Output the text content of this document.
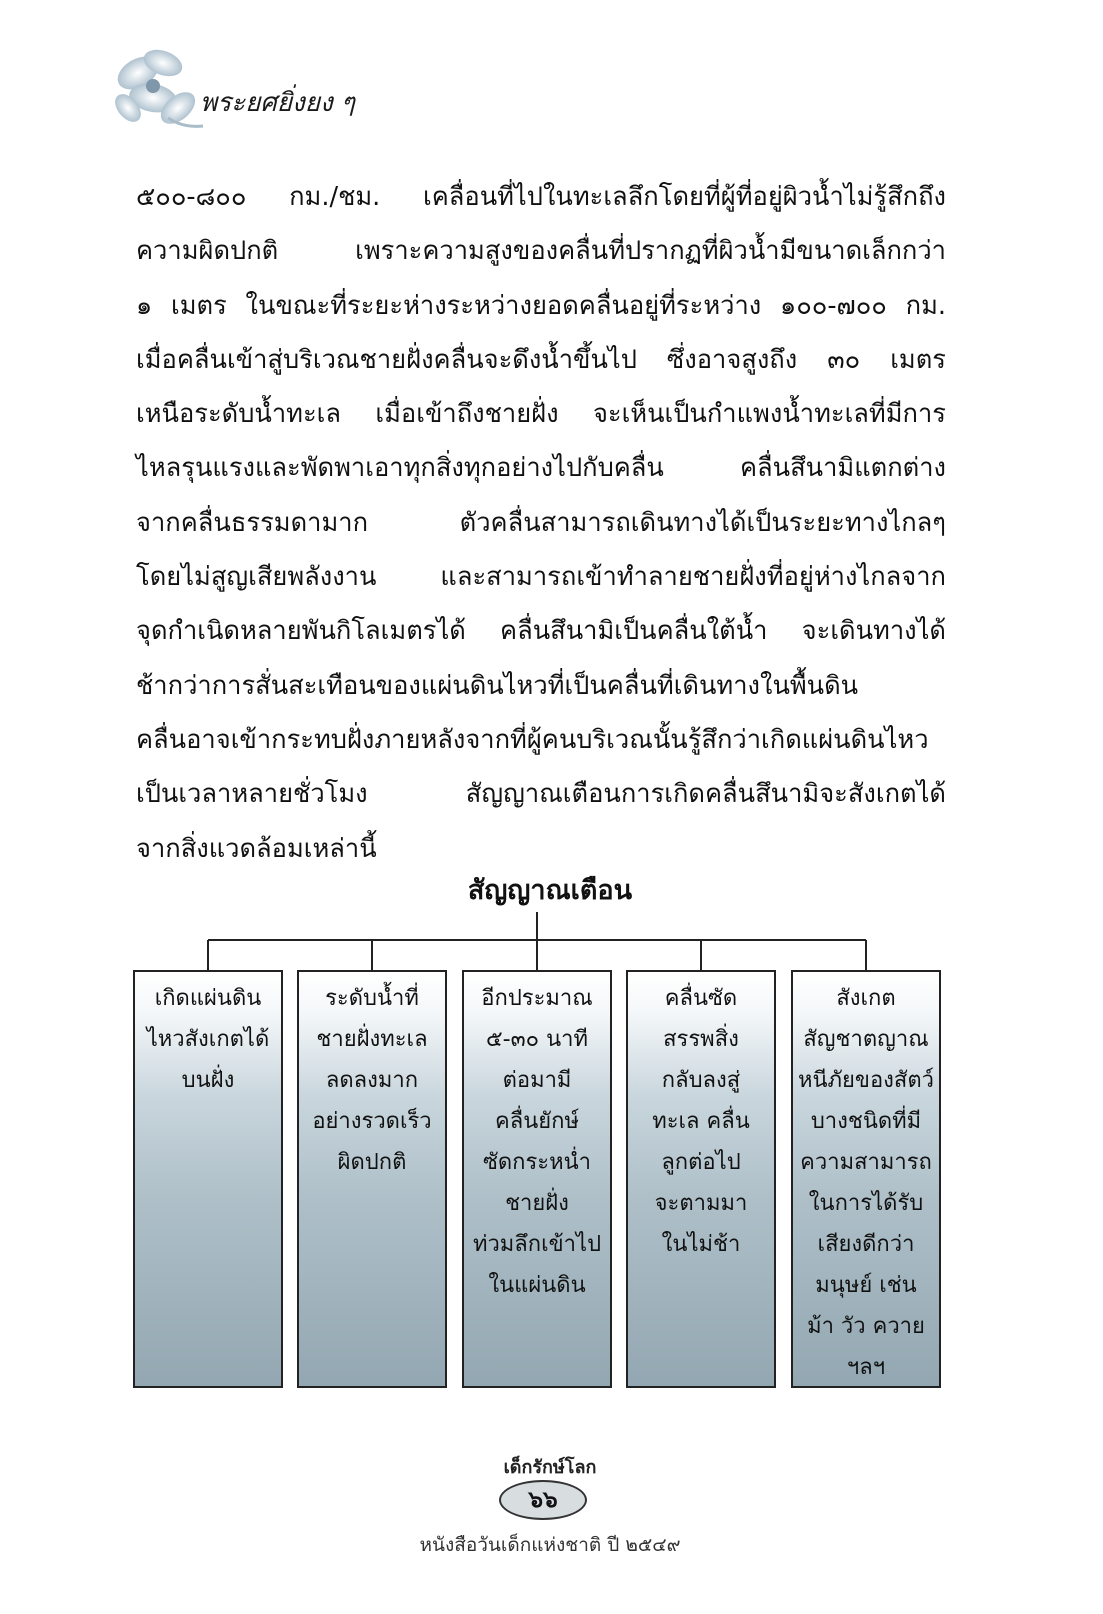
พระยศยิ่งยง ๆ
๕๐๐-๘๐๐ กม./ชม. เคลื่อนที่ไปในทะเลลึกโดยที่ผู้ที่อยู่ผิวน้ำไม่รู้สึกถึง
ความผิดปกติ เพราะความสูงของคลื่นที่ปรากฏที่ผิวน้ำมีขนาดเล็กกว่า
๑ เมตร ในขณะที่ระยะห่างระหว่างยอดคลื่นอยู่ที่ระหว่าง ๑๐๐-๗๐๐ กม.
เมื่อคลื่นเข้าสู่บริเวณชายฝั่งคลื่นจะดึงน้ำขึ้นไป ซึ่งอาจสูงถึง ๓๐ เมตร
เหนือระดับน้ำทะเล เมื่อเข้าถึงชายฝั่ง จะเห็นเป็นกำแพงน้ำทะเลที่มีการ
ไหลรุนแรงและพัดพาเอาทุกสิ่งทุกอย่างไปกับคลื่น คลื่นสึนามิแตกต่าง
จากคลื่นธรรมดามาก ตัวคลื่นสามารถเดินทางได้เป็นระยะทางไกลๆ
โดยไม่สูญเสียพลังงาน และสามารถเข้าทำลายชายฝั่งที่อยู่ห่างไกลจาก
จุดกำเนิดหลายพันกิโลเมตรได้ คลื่นสึนามิเป็นคลื่นใต้น้ำ จะเดินทางได้
ช้ากว่าการสั่นสะเทือนของแผ่นดินไหวที่เป็นคลื่นที่เดินทางในพื้นดิน
คลื่นอาจเข้ากระทบฝั่งภายหลังจากที่ผู้คนบริเวณนั้นรู้สึกว่าเกิดแผ่นดินไหว
เป็นเวลาหลายชั่วโมง สัญญาณเตือนการเกิดคลื่นสึนามิจะสังเกตได้
จากสิ่งแวดล้อมเหล่านี้
สัญญาณเตือน
เกิดแผ่นดิน
ไหวสังเกตได้
บนฝั่ง
ระดับน้ำที่
ชายฝั่งทะเล
ลดลงมาก
อย่างรวดเร็ว
ผิดปกติ
อีกประมาณ
๕-๓๐ นาที
ต่อมามี
คลื่นยักษ์
ซัดกระหน่ำ
ชายฝั่ง
ท่วมลึกเข้าไป
ในแผ่นดิน
คลื่นซัด
สรรพสิ่ง
กลับลงสู่
ทะเล คลื่น
ลูกต่อไป
จะตามมา
ในไม่ช้า
สังเกต
สัญชาตญาณ
หนีภัยของสัตว์
บางชนิดที่มี
ความสามารถ
ในการได้รับ
เสียงดีกว่า
มนุษย์ เช่น
ม้า วัว ควาย
ฯลฯ
เด็กรักษ์โลก
๖๖
หนังสือวันเด็กแห่งชาติ ปี ๒๕๔๙
